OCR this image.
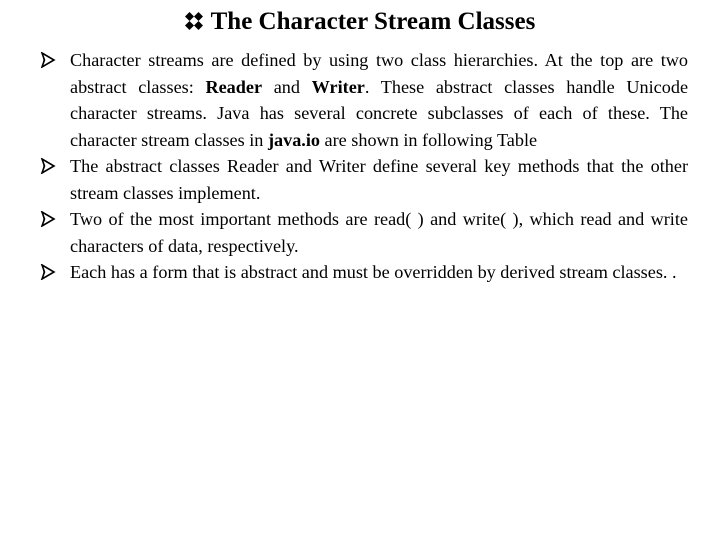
The Character Stream Classes
Character streams are defined by using two class hierarchies. At the top are two abstract classes: Reader and Writer. These abstract classes handle Unicode character streams. Java has several concrete subclasses of each of these. The character stream classes in java.io are shown in following Table
The abstract classes Reader and Writer define several key methods that the other stream classes implement.
Two of the most important methods are read( ) and write( ), which read and write characters of data, respectively.
Each has a form that is abstract and must be overridden by derived stream classes. .
